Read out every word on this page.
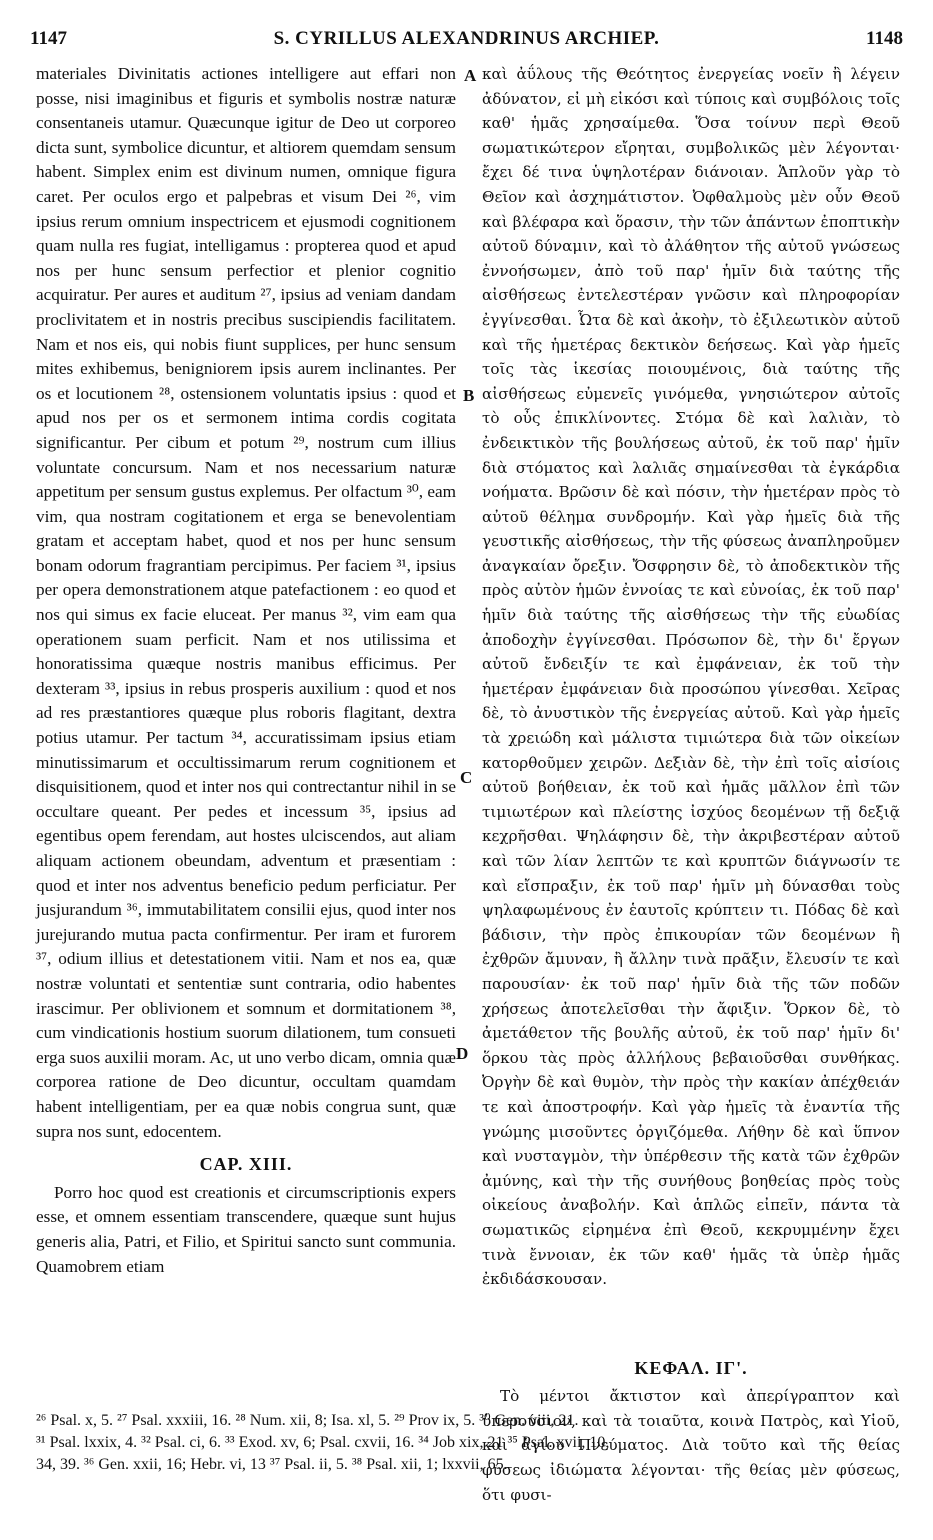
1147	S. CYRILLUS ALEXANDRINUS ARCHIEP.	1148

materiales Divinitatis actiones intelligere aut effari non posse, nisi imaginibus et figuris et symbolis nostræ naturæ consentaneis utamur. Quæcunque igitur de Deo ut corporeo dicta sunt, symbolice dicuntur, et altiorem quemdam sensum habent. Simplex enim est divinum numen, omnique figura caret. Per oculos ergo et palpebras et visum Dei ²⁶, vim ipsius rerum omnium inspectricem et ejusmodi cognitionem quam nulla res fugiat, intelligamus : propterea quod et apud nos per hunc sensum perfectior et plenior cognitio acquiratur. Per aures et auditum ²⁷, ipsius ad veniam dandam proclivitatem et in nostris precibus suscipiendis facilitatem. Nam et nos eis, qui nobis fiunt supplices, per hunc sensum mites exhibemus, benigniorem ipsis aurem inclinantes. Per os et locutionem ²⁸, ostensionem voluntatis ipsius : quod et apud nos per os et sermonem intima cordis cogitata significantur. Per cibum et potum ²⁹, nostrum cum illius voluntate concursum. Nam et nos necessarium naturæ appetitum per sensum gustus explemus. Per olfactum ³⁰, eam vim, qua nostram cogitationem et erga se benevolentiam gratam et acceptam habet, quod et nos per hunc sensum bonam odorum fragrantiam percipimus. Per faciem ³¹, ipsius per opera demonstrationem atque patefactionem : eo quod et nos qui simus ex facie eluceat. Per manus ³², vim eam qua operationem suam perficit. Nam et nos utilissima et honoratissima quæque nostris manibus efficimus. Per dexteram ³³, ipsius in rebus prosperis auxilium : quod et nos ad res præstantiores quæque plus roboris flagitant, dextra potius utamur. Per tactum ³⁴, accuratissimam ipsius etiam minutissimarum et occultissimarum rerum cognitionem et disquisitionem, quod et inter nos qui contrectantur nihil in se occultare queant. Per pedes et incessum ³⁵, ipsius ad egentibus opem ferendam, aut hostes ulciscendos, aut aliam aliquam actionem obeundam, adventum et præsentiam : quod et inter nos adventus beneficio pedum perficiatur. Per jusjurandum ³⁶, immutabilitatem consilii ejus, quod inter nos jurejurando mutua pacta confirmentur. Per iram et furorem ³⁷, odium illius et detestationem vitii. Nam et nos ea, quæ nostræ voluntati et sententiæ sunt contraria, odio habentes irascimur. Per oblivionem et somnum et dormitationem ³⁸, cum vindicationis hostium suorum dilationem, tum consueti erga suos auxilii moram. Ac, ut uno verbo dicam, omnia quæ corporea ratione de Deo dicuntur, occultam quamdam habent intelligentiam, per ea quæ nobis congrua sunt, quæ supra nos sunt, edocentem.

CAP. XIII.

Porro hoc quod est creationis et circumscriptionis expers esse, et omnem essentiam transcendere, quæque sunt hujus generis alia, Patri, et Filio, et Spiritui sancto sunt communia. Quamobrem etiam

A
B
C
D

καὶ ἀΰλους τῆς Θεότητος ἐνεργείας νοεῖν ἢ λέγειν ἀδύνατον, εἰ μὴ εἰκόσι καὶ τύποις καὶ συμβόλοις τοῖς καθ' ἡμᾶς χρησαίμεθα. Ὅσα τοίνυν περὶ Θεοῦ σωματικώτερον εἴρηται, συμβολικῶς μὲν λέγονται· ἔχει δέ τινα ὑψηλοτέραν διάνοιαν. Ἁπλοῦν γὰρ τὸ Θεῖον καὶ ἀσχημάτιστον. Ὀφθαλμοὺς μὲν οὖν Θεοῦ καὶ βλέφαρα καὶ ὅρασιν, τὴν τῶν ἁπάντων ἐποπτικὴν αὐτοῦ δύναμιν, καὶ τὸ ἀλάθητον τῆς αὐτοῦ γνώσεως ἐννοήσωμεν, ἀπὸ τοῦ παρ' ἡμῖν διὰ ταύτης τῆς αἰσθήσεως ἐντελεστέραν γνῶσιν καὶ πληροφορίαν ἐγγίνεσθαι. Ὦτα δὲ καὶ ἀκοὴν, τὸ ἐξιλεωτικὸν αὐτοῦ καὶ τῆς ἡμετέρας δεκτικὸν δεήσεως. Καὶ γὰρ ἡμεῖς τοῖς τὰς ἱκεσίας ποιουμένοις, διὰ ταύτης τῆς αἰσθήσεως εὐμενεῖς γινόμεθα, γνησιώτερον αὐτοῖς τὸ οὖς ἐπικλίνοντες. Στόμα δὲ καὶ λαλιὰν, τὸ ἐνδεικτικὸν τῆς βουλήσεως αὐτοῦ, ἐκ τοῦ παρ' ἡμῖν διὰ στόματος καὶ λαλιᾶς σημαίνεσθαι τὰ ἐγκάρδια νοήματα. Βρῶσιν δὲ καὶ πόσιν, τὴν ἡμετέραν πρὸς τὸ αὐτοῦ θέλημα συνδρομήν. Καὶ γὰρ ἡμεῖς διὰ τῆς γευστικῆς αἰσθήσεως, τὴν τῆς φύσεως ἀναπληροῦμεν ἀναγκαίαν ὄρεξιν. Ὄσφρησιν δὲ, τὸ ἀποδεκτικὸν τῆς πρὸς αὐτὸν ἡμῶν ἐννοίας τε καὶ εὐνοίας, ἐκ τοῦ παρ' ἡμῖν διὰ ταύτης τῆς αἰσθήσεως τὴν τῆς εὐωδίας ἀποδοχὴν ἐγγίνεσθαι. Πρόσωπον δὲ, τὴν δι' ἔργων αὐτοῦ ἔνδειξίν τε καὶ ἐμφάνειαν, ἐκ τοῦ τὴν ἡμετέραν ἐμφάνειαν διὰ προσώπου γίνεσθαι. Χεῖρας δὲ, τὸ ἀνυστικὸν τῆς ἐνεργείας αὐτοῦ. Καὶ γὰρ ἡμεῖς τὰ χρειώδη καὶ μάλιστα τιμιώτερα διὰ τῶν οἰκείων κατορθοῦμεν χειρῶν. Δεξιὰν δὲ, τὴν ἐπὶ τοῖς αἰσίοις αὐτοῦ βοήθειαν, ἐκ τοῦ καὶ ἡμᾶς μᾶλλον ἐπὶ τῶν τιμιωτέρων καὶ πλείστης ἰσχύος δεομένων τῇ δεξιᾷ κεχρῆσθαι. Ψηλάφησιν δὲ, τὴν ἀκριβεστέραν αὐτοῦ καὶ τῶν λίαν λεπτῶν τε καὶ κρυπτῶν διάγνωσίν τε καὶ εἴσπραξιν, ἐκ τοῦ παρ' ἡμῖν μὴ δύνασθαι τοὺς ψηλαφωμένους ἐν ἑαυτοῖς κρύπτειν τι. Πόδας δὲ καὶ βάδισιν, τὴν πρὸς ἐπικουρίαν τῶν δεομένων ἢ ἐχθρῶν ἄμυναν, ἢ ἄλλην τινὰ πρᾶξιν, ἔλευσίν τε καὶ παρουσίαν· ἐκ τοῦ παρ' ἡμῖν διὰ τῆς τῶν ποδῶν χρήσεως ἀποτελεῖσθαι τὴν ἄφιξιν. Ὅρκον δὲ, τὸ ἀμετάθετον τῆς βουλῆς αὐτοῦ, ἐκ τοῦ παρ' ἡμῖν δι' ὅρκου τὰς πρὸς ἀλλήλους βεβαιοῦσθαι συνθήκας. Ὀργὴν δὲ καὶ θυμὸν, τὴν πρὸς τὴν κακίαν ἀπέχθειάν τε καὶ ἀποστροφήν. Καὶ γὰρ ἡμεῖς τὰ ἐναντία τῆς γνώμης μισοῦντες ὀργιζόμεθα. Λήθην δὲ καὶ ὕπνον καὶ νυσταγμὸν, τὴν ὑπέρθεσιν τῆς κατὰ τῶν ἐχθρῶν ἀμύνης, καὶ τὴν τῆς συνήθους βοηθείας πρὸς τοὺς οἰκείους ἀναβολήν. Καὶ ἁπλῶς εἰπεῖν, πάντα τὰ σωματικῶς εἰρημένα ἐπὶ Θεοῦ, κεκρυμμένην ἔχει τινὰ ἔννοιαν, ἐκ τῶν καθ' ἡμᾶς τὰ ὑπὲρ ἡμᾶς ἐκδιδάσκουσαν.

ΚΕΦΑΛ. ΙΓ'.

Τὸ μέντοι ἄκτιστον καὶ ἀπερίγραπτον καὶ ὑπερούσιον, καὶ τὰ τοιαῦτα, κοινὰ Πατρὸς, καὶ Υἱοῦ, καὶ ἁγίου Πνεύματος. Διὰ τοῦτο καὶ τῆς θείας φύσεως ἰδιώματα λέγονται· τῆς θείας μὲν φύσεως, ὅτι φυσι-

²⁶ Psal. x, 5. ²⁷ Psal. xxxiii, 16. ²⁸ Num. xii, 8; Isa. xl, 5. ²⁹ Prov ix, 5. ³⁰ Gen. viii, 21.
³¹ Psal. lxxix, 4. ³² Psal. ci, 6. ³³ Exod. xv, 6; Psal. cxvii, 16. ³⁴ Job xix, 21 ³⁵ Psal. xvii, 10,
34, 39. ³⁶ Gen. xxii, 16; Hebr. vi, 13 ³⁷ Psal. ii, 5. ³⁸ Psal. xii, 1; lxxvii, 65.
